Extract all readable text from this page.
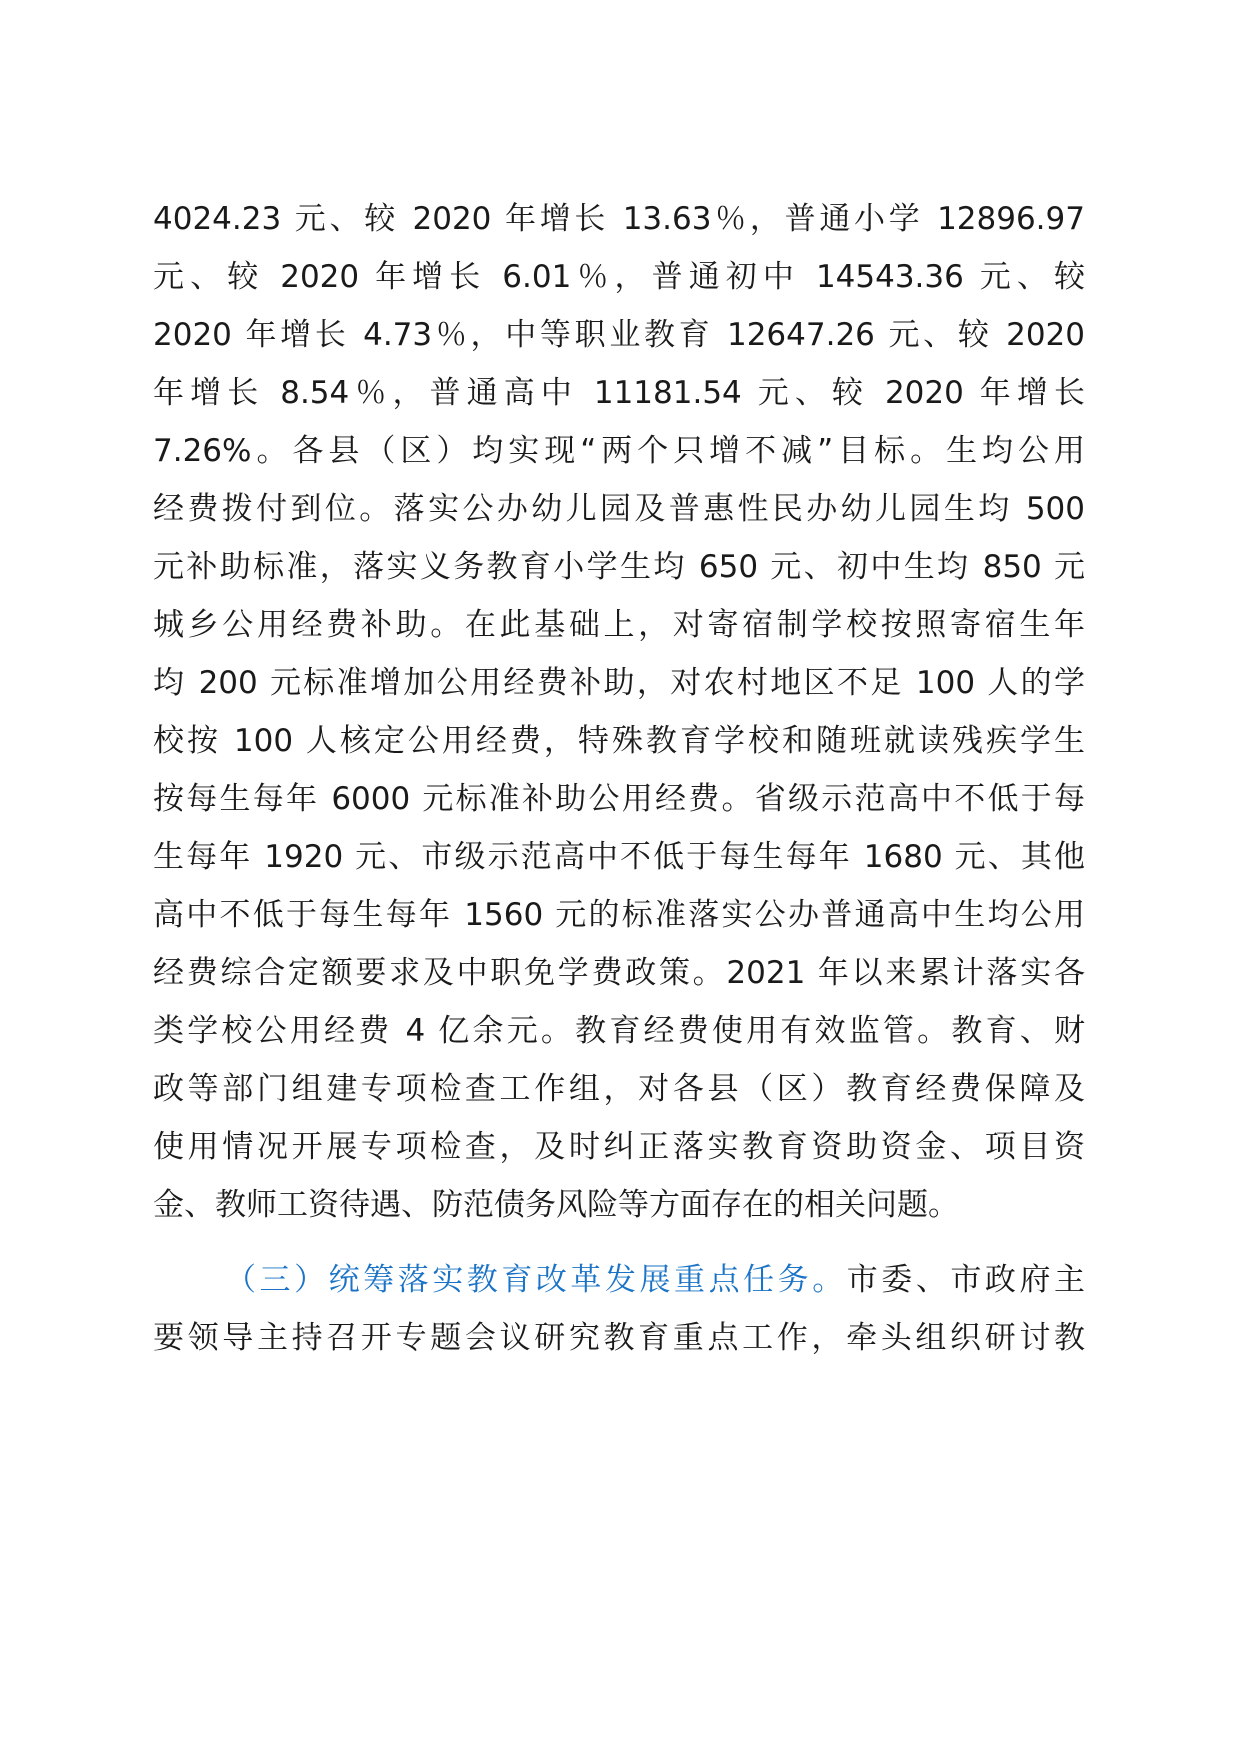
4024.23 元、较 2020 年增长 13.63％，普通小学 12896.97
元、较 2020 年增长 6.01％，普通初中 14543.36 元、较
2020 年增长 4.73％，中等职业教育 12647.26 元、较 2020
年增长 8.54％，普通高中 11181.54 元、较 2020 年增长
7.26%。各县（区）均实现“两个只增不减”目标。生均公用
经费拨付到位。落实公办幼儿园及普惠性民办幼儿园生均 500
元补助标准，落实义务教育小学生均 650 元、初中生均 850 元
城乡公用经费补助。在此基础上，对寄宿制学校按照寄宿生年
均 200 元标准增加公用经费补助，对农村地区不足 100 人的学
校按 100 人核定公用经费，特殊教育学校和随班就读残疾学生
按每生每年 6000 元标准补助公用经费。省级示范高中不低于每
生每年 1920 元、市级示范高中不低于每生每年 1680 元、其他
高中不低于每生每年 1560 元的标准落实公办普通高中生均公用
经费综合定额要求及中职免学费政策。2021 年以来累计落实各
类学校公用经费 4 亿余元。教育经费使用有效监管。教育、财
政等部门组建专项检查工作组，对各县（区）教育经费保障及
使用情况开展专项检查，及时纠正落实教育资助资金、项目资
金、教师工资待遇、防范债务风险等方面存在的相关问题。
（三）统筹落实教育改革发展重点任务。市委、市政府主
要领导主持召开专题会议研究教育重点工作，牵头组织研讨教
